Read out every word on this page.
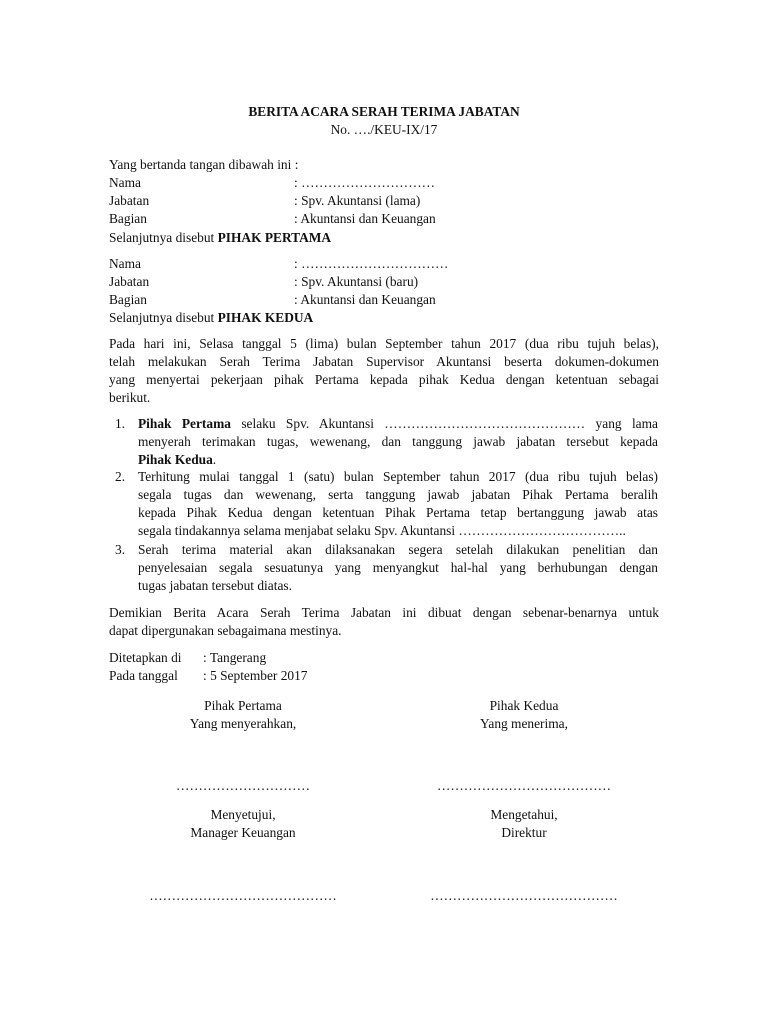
BERITA ACARA SERAH TERIMA JABATAN
No. …./KEU-IX/17
Yang bertanda tangan dibawah ini :
Nama	: …………………………
Jabatan	: Spv. Akuntansi (lama)
Bagian	: Akuntansi dan Keuangan
Selanjutnya disebut PIHAK PERTAMA
Nama	: ……………………………
Jabatan	: Spv. Akuntansi (baru)
Bagian	: Akuntansi dan Keuangan
Selanjutnya disebut PIHAK KEDUA
Pada hari ini, Selasa tanggal 5 (lima) bulan September tahun 2017 (dua ribu tujuh belas),
telah melakukan Serah Terima Jabatan Supervisor Akuntansi beserta dokumen-dokumen
yang menyertai pekerjaan pihak Pertama kepada pihak Kedua dengan ketentuan sebagai
berikut.
1. Pihak Pertama selaku Spv. Akuntansi ……………………………………… yang lama
menyerah terimakan tugas, wewenang, dan tanggung jawab jabatan tersebut kepada
Pihak Kedua.
2. Terhitung mulai tanggal 1 (satu) bulan September tahun 2017 (dua ribu tujuh belas)
segala tugas dan wewenang, serta tanggung jawab jabatan Pihak Pertama beralih
kepada Pihak Kedua dengan ketentuan Pihak Pertama tetap bertanggung jawab atas
segala tindakannya selama menjabat selaku Spv. Akuntansi ………………………………..
3. Serah terima material akan dilaksanakan segera setelah dilakukan penelitian dan
penyelesaian segala sesuatunya yang menyangkut hal-hal yang berhubungan dengan
tugas jabatan tersebut diatas.
Demikian Berita Acara Serah Terima Jabatan ini dibuat dengan sebenar-benarnya untuk
dapat dipergunakan sebagaimana mestinya.
Ditetapkan di : Tangerang
Pada tanggal : 5 September 2017
Pihak Pertama
Yang menyerahkan,
Pihak Kedua
Yang menerima,
…………………………	…………………………………
Menyetujui,
Manager Keuangan
Mengetahui,
Direktur
……………………………………	……………………………………
